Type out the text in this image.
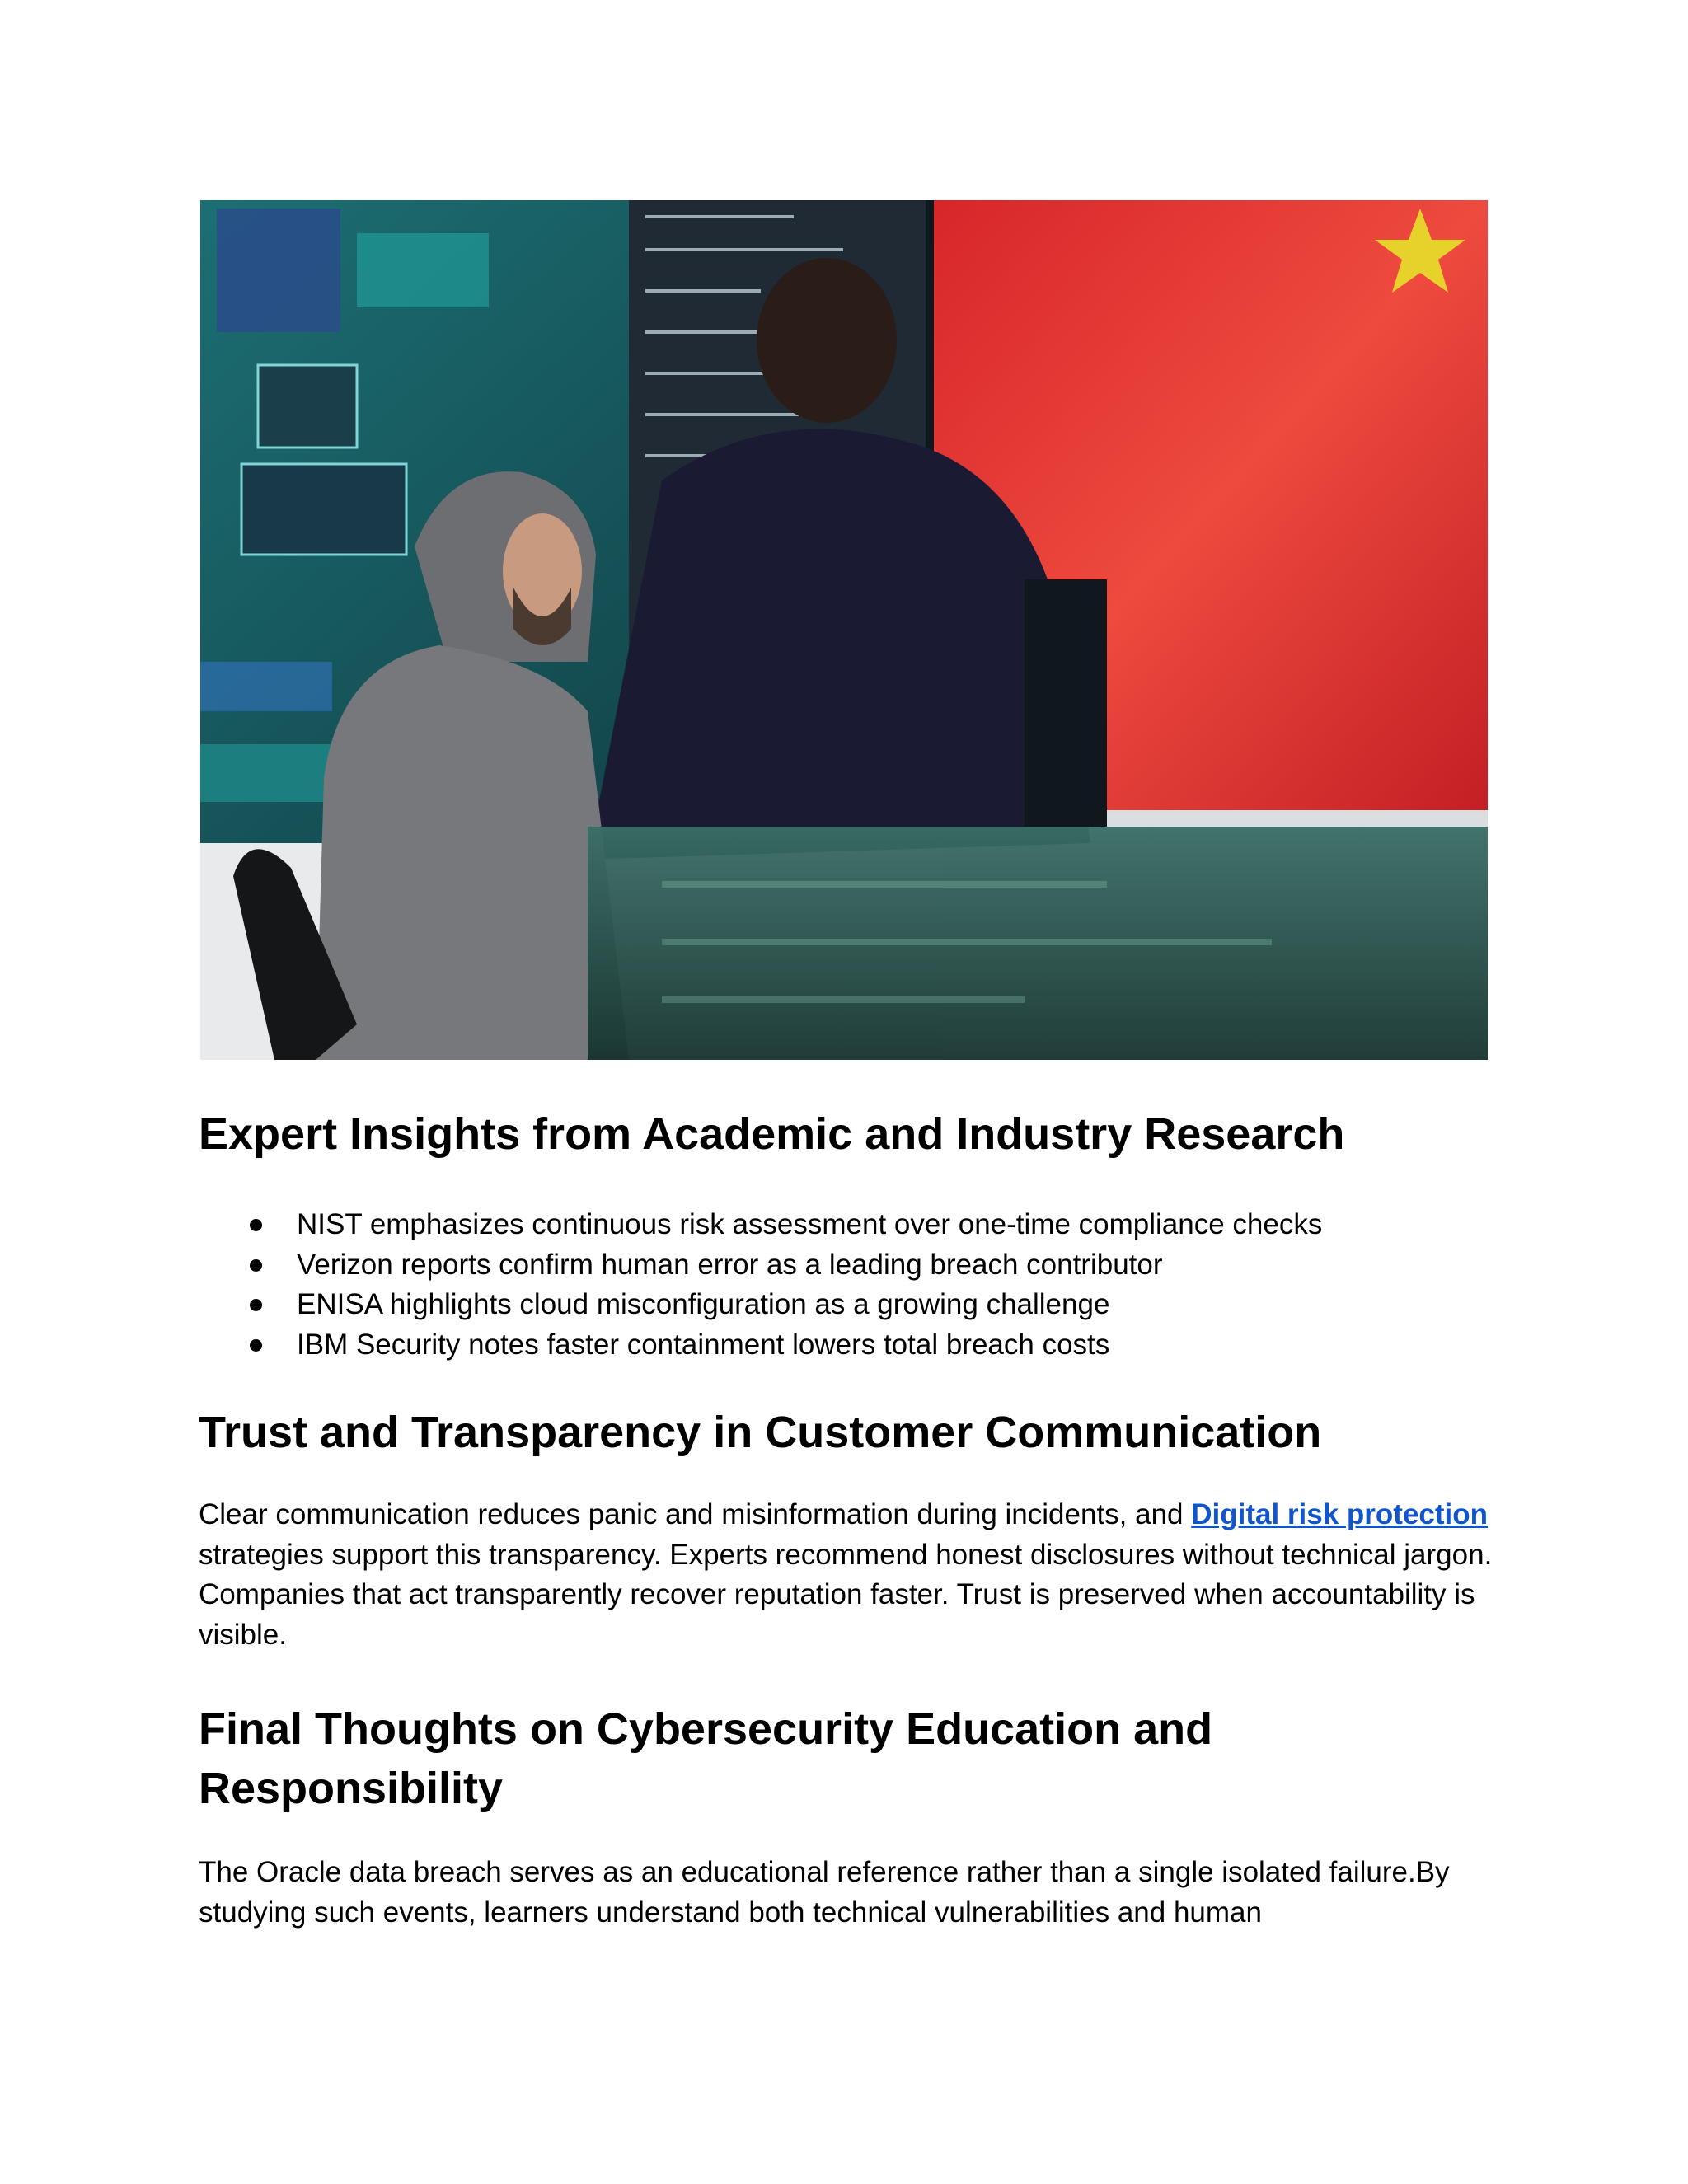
Expert Insights from Academic and Industry Research
NIST emphasizes continuous risk assessment over one-time compliance checks
Verizon reports confirm human error as a leading breach contributor
ENISA highlights cloud misconfiguration as a growing challenge
IBM Security notes faster containment lowers total breach costs
Trust and Transparency in Customer Communication

Clear communication reduces panic and misinformation during incidents, and Digital risk protection strategies support this transparency. Experts recommend honest disclosures without technical jargon. Companies that act transparently recover reputation faster. Trust is preserved when accountability is visible.

Final Thoughts on Cybersecurity Education and Responsibility

The Oracle data breach serves as an educational reference rather than a single isolated failure.By studying such events, learners understand both technical vulnerabilities and human
